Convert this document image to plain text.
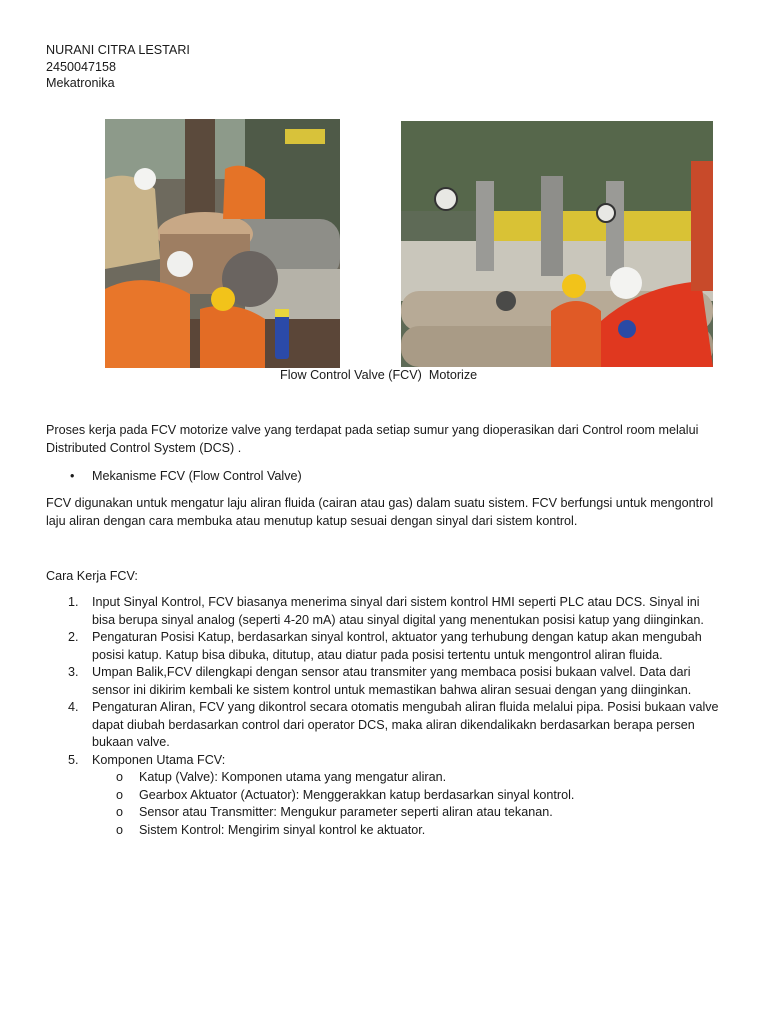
NURANI CITRA LESTARI
2450047158
Mekatronika
Flow Control Valve (FCV)  Motorize
Proses kerja pada FCV motorize valve yang terdapat pada setiap sumur yang dioperasikan dari Control room melalui Distributed Control System (DCS) .
• Mekanisme FCV (Flow Control Valve)
FCV digunakan untuk mengatur laju aliran fluida (cairan atau gas) dalam suatu sistem. FCV berfungsi untuk mengontrol laju aliran dengan cara membuka atau menutup katup sesuai dengan sinyal dari sistem kontrol.
Cara Kerja FCV:
1. Input Sinyal Kontrol, FCV biasanya menerima sinyal dari sistem kontrol HMI seperti PLC atau DCS. Sinyal ini bisa berupa sinyal analog (seperti 4-20 mA) atau sinyal digital yang menentukan posisi katup yang diinginkan.
2. Pengaturan Posisi Katup, berdasarkan sinyal kontrol, aktuator yang terhubung dengan katup akan mengubah posisi katup. Katup bisa dibuka, ditutup, atau diatur pada posisi tertentu untuk mengontrol aliran fluida.
3. Umpan Balik,FCV dilengkapi dengan sensor atau transmiter yang membaca posisi bukaan valvel. Data dari sensor ini dikirim kembali ke sistem kontrol untuk memastikan bahwa aliran sesuai dengan yang diinginkan.
4. Pengaturan Aliran, FCV yang dikontrol secara otomatis mengubah aliran fluida melalui pipa. Posisi bukaan valve dapat diubah berdasarkan control dari operator DCS, maka aliran dikendalikakn berdasarkan berapa persen bukaan valve.
5. Komponen Utama FCV:
o Katup (Valve): Komponen utama yang mengatur aliran.
o Gearbox Aktuator (Actuator): Menggerakkan katup berdasarkan sinyal kontrol.
o Sensor atau Transmitter: Mengukur parameter seperti aliran atau tekanan.
o Sistem Kontrol: Mengirim sinyal kontrol ke aktuator.
